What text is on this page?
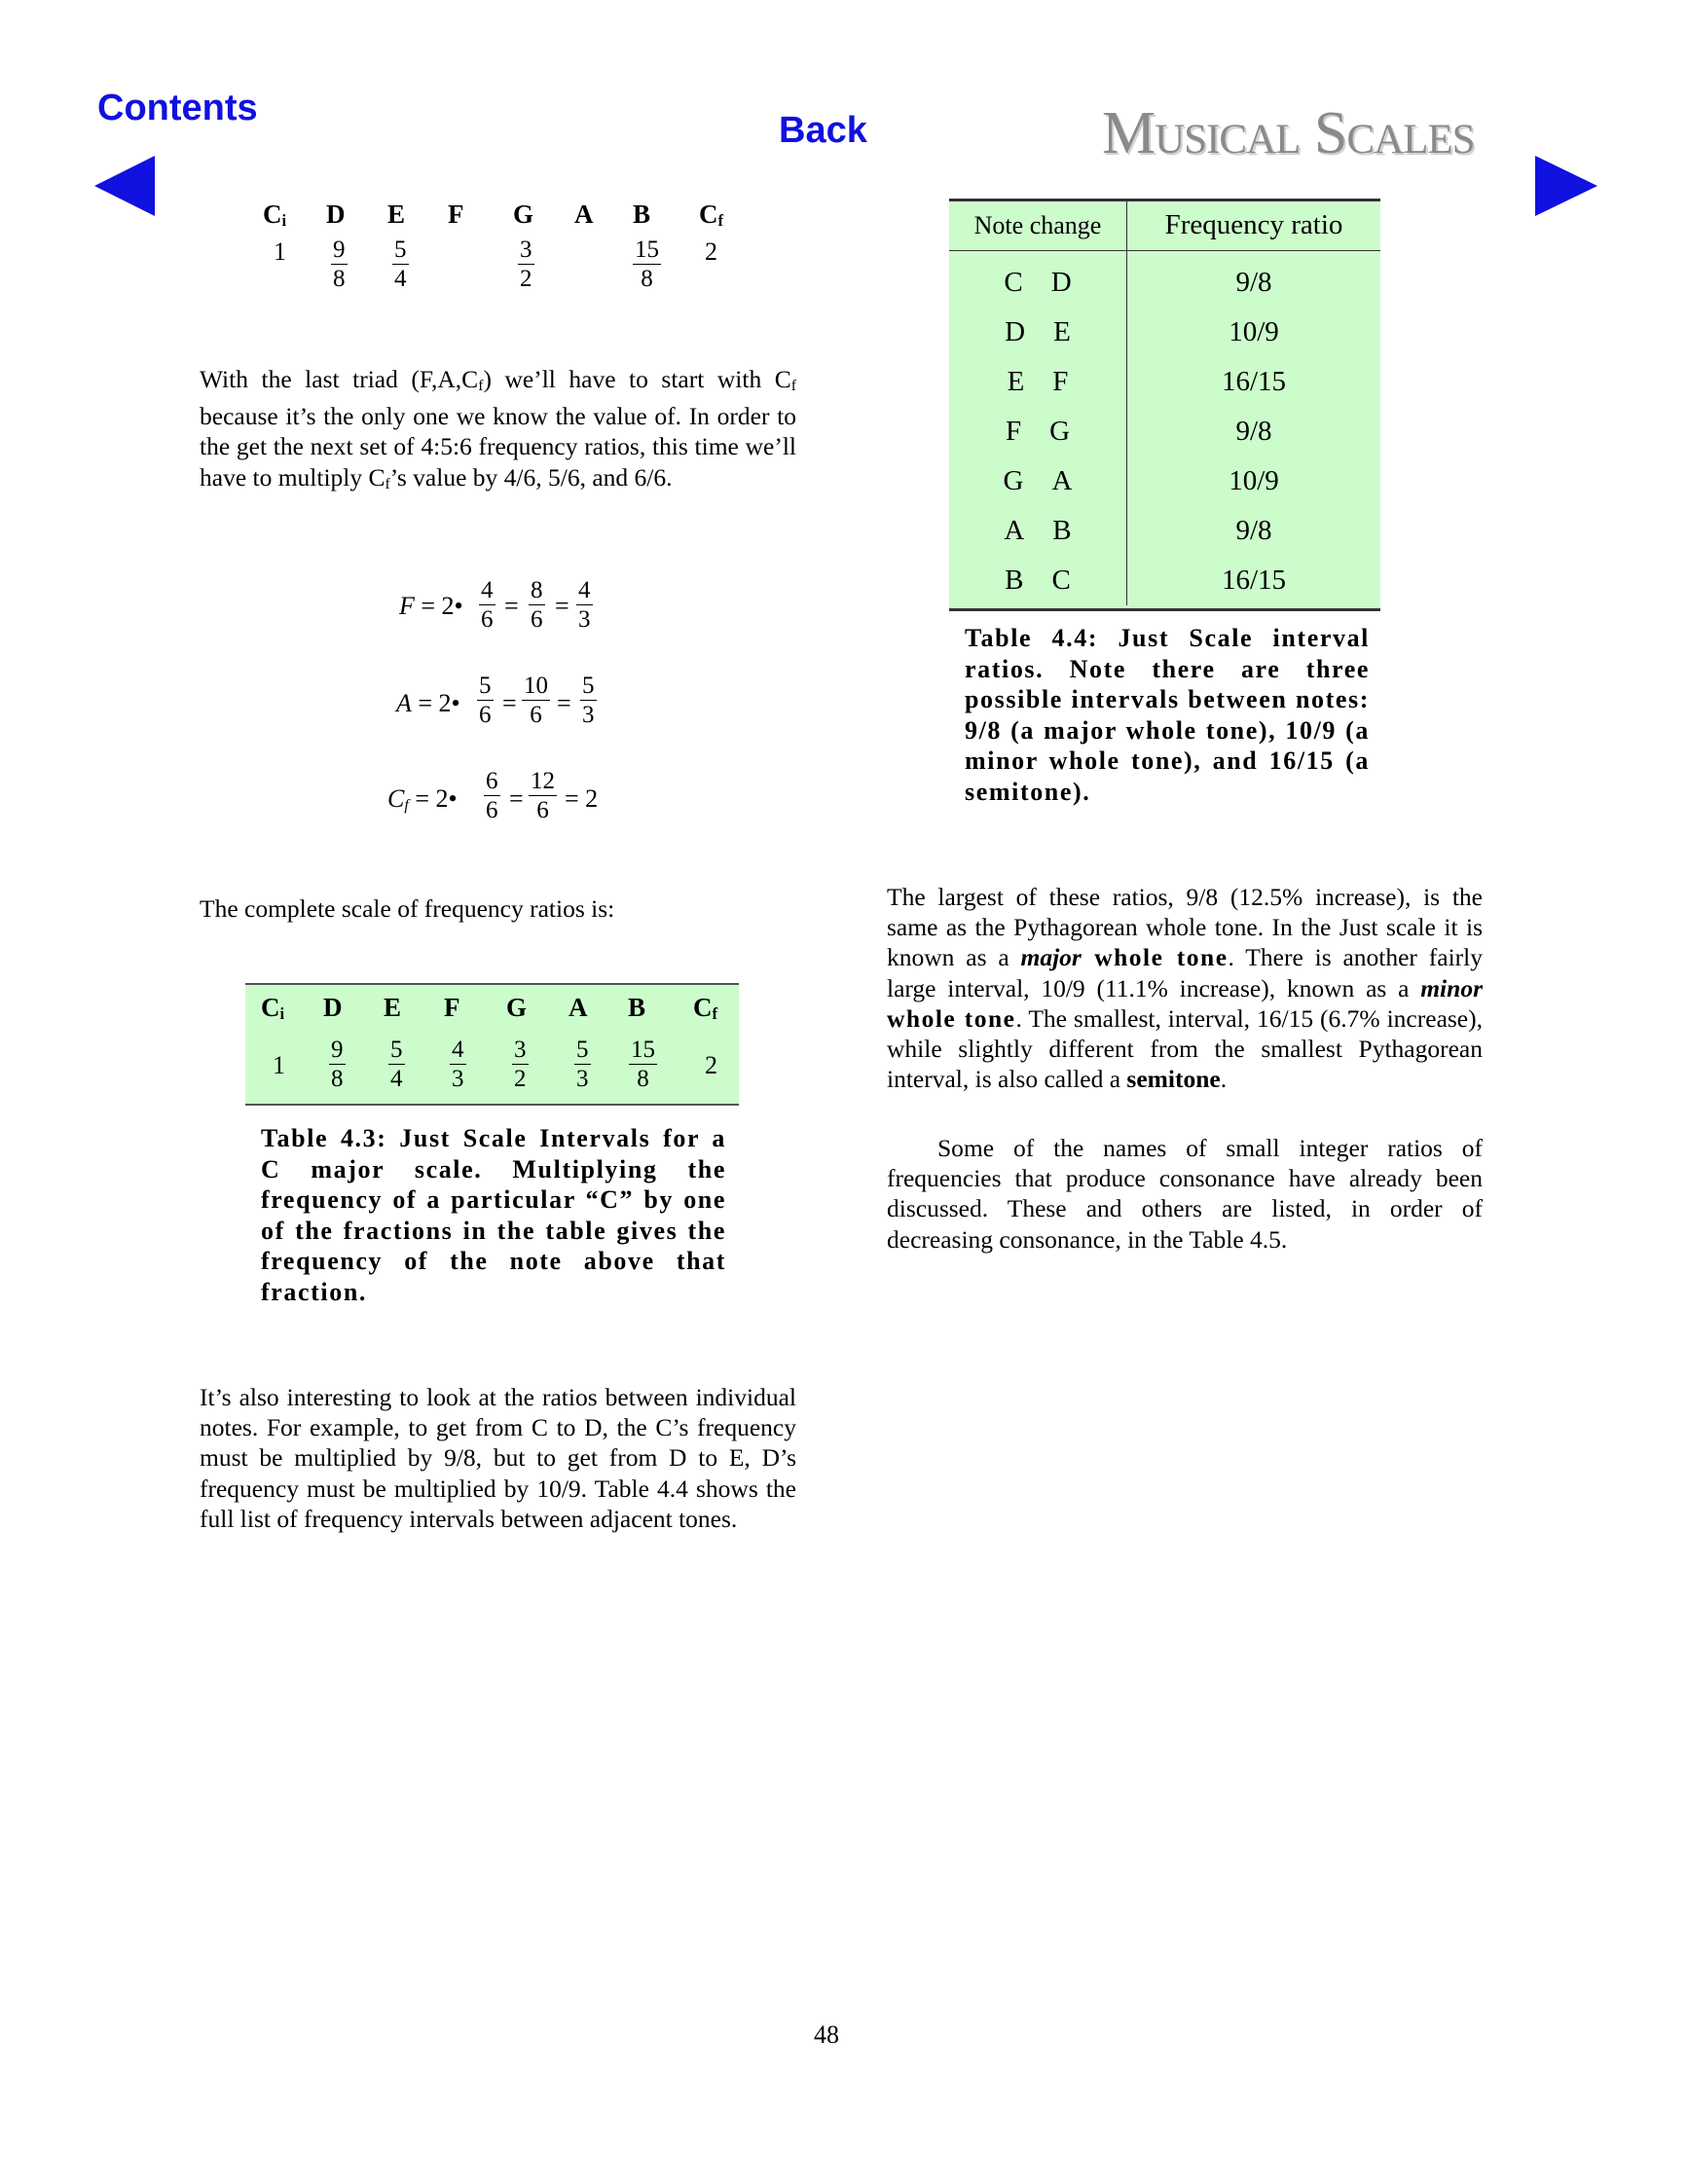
Contents
Back	Musical Scales
$C_i$ D E F G A B $C_f$
$1 \frac{9}{8} \frac{5}{4}$	$\frac{3}{2}$	$\frac{15}{8} 2$

With the last triad $(F,A,C_f)$ we’ll have to start with $C_f$ because it’s the only one we know the value of. In order to the get the next set of 4:5:6 frequency ratios, this time we’ll have to multiply $C_f’s$ value by 4/6, 5/6, and 6/6.

F = 2• $\frac{4}{6} = \frac{8}{6} = \frac{4}{3}$
A = 2• $\frac{5}{6} = \frac{10}{6} = \frac{5}{3}$
$C_f$ = 2• $\frac{6}{6} = \frac{12}{6} = 2$

The complete scale of frequency ratios is:

$C_i$ D E F G A B $C_f$
$1 \frac{9}{8} \frac{5}{4} \frac{4}{3} \frac{3}{2} \frac{5}{3} \frac{15}{8} 2$

Table 4.3: Just Scale Intervals for a C major scale. Multiplying the frequency of a particular “C” by one of the fractions in the table gives the frequency of the note above that fraction.

It’s also interesting to look at the ratios between individual notes. For example, to get from C to D, the C’s frequency must be multiplied by 9/8, but to get from D to E, D’s frequency must be multiplied by 10/9. Table 4.4 shows the full list of frequency intervals between adjacent tones.

Note change	Frequency ratio

C D	9/8
D E	10/9
E F	16/15
F G	9/8
G A	10/9
A B	9/8
B C	16/15

Table 4.4: Just Scale interval ratios. Note there are three possible intervals between notes: 9/8 (a major whole tone), 10/9 (a minor whole tone), and 16/15 (a semitone).

The largest of these ratios, 9/8 (12.5% increase), is the same as the Pythagorean whole tone. In the Just scale it is known as a major whole tone. There is another fairly large interval, 10/9 (11.1% increase), known as a minor whole tone. The smallest, interval, 16/15 (6.7% increase), while slightly different from the smallest Pythagorean interval, is also called a semitone.

Some of the names of small integer ratios of frequencies that produce consonance have already been discussed. These and others are listed, in order of decreasing consonance, in the Table 4.5.

48
